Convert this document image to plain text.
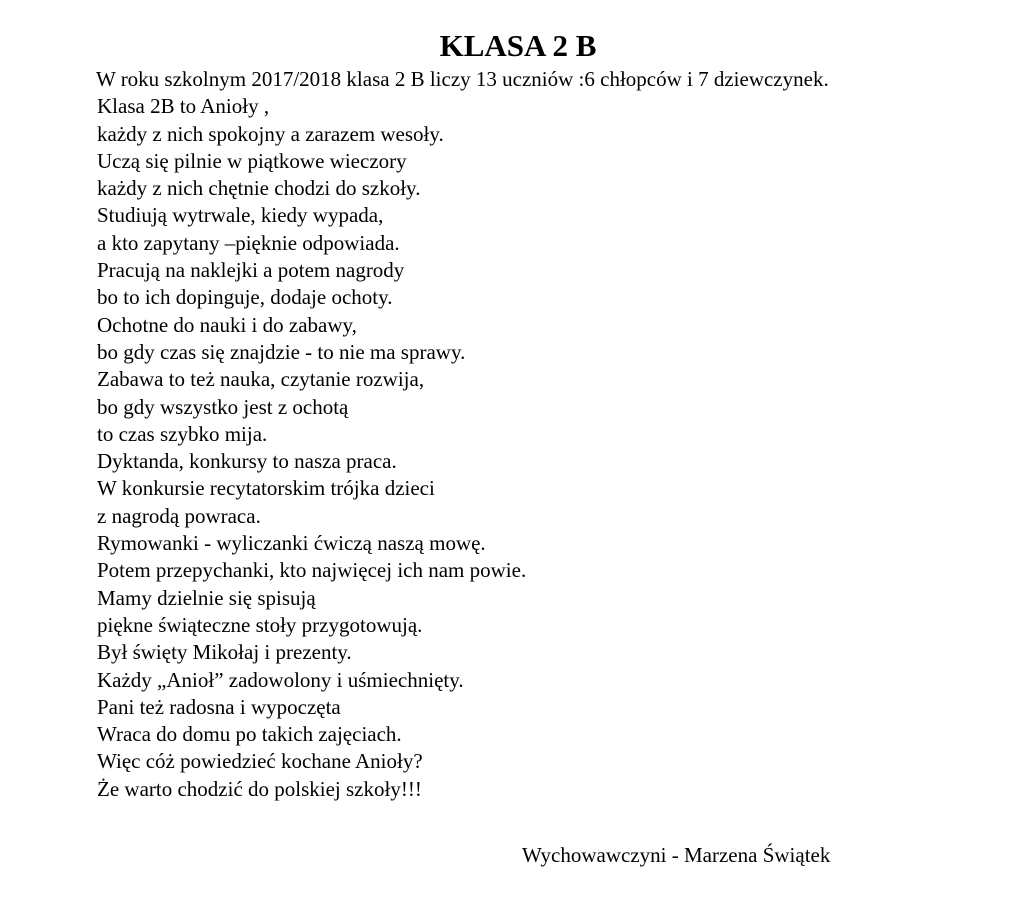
KLASA 2 B
W roku szkolnym 2017/2018 klasa 2 B liczy 13 uczniów :6 chłopców i 7 dziewczynek.
Klasa 2B to Anioły ,
każdy z nich spokojny a zarazem wesoły.
Uczą się pilnie w piątkowe wieczory
każdy z nich chętnie chodzi do szkoły.
Studiują wytrwale, kiedy wypada,
a kto zapytany –pięknie odpowiada.
Pracują na naklejki a potem nagrody
bo to ich dopinguje, dodaje ochoty.
Ochotne do nauki i do zabawy,
bo gdy czas się znajdzie - to nie ma sprawy.
Zabawa to też nauka, czytanie rozwija,
bo gdy wszystko jest z ochotą
to czas szybko mija.
Dyktanda, konkursy to nasza praca.
W konkursie recytatorskim trójka dzieci
z nagrodą powraca.
Rymowanki - wyliczanki ćwiczą naszą mowę.
Potem przepychanki, kto najwięcej ich nam powie.
Mamy dzielnie się spisują
piękne świąteczne stoły przygotowują.
Był święty Mikołaj i prezenty.
Każdy „Anioł” zadowolony i uśmiechnięty.
Pani też radosna i wypoczęta
Wraca do domu po takich zajęciach.
Więc cóż powiedzieć kochane Anioły?
Że warto chodzić do polskiej szkoły!!!

Wychowawczyni - Marzena Świątek
